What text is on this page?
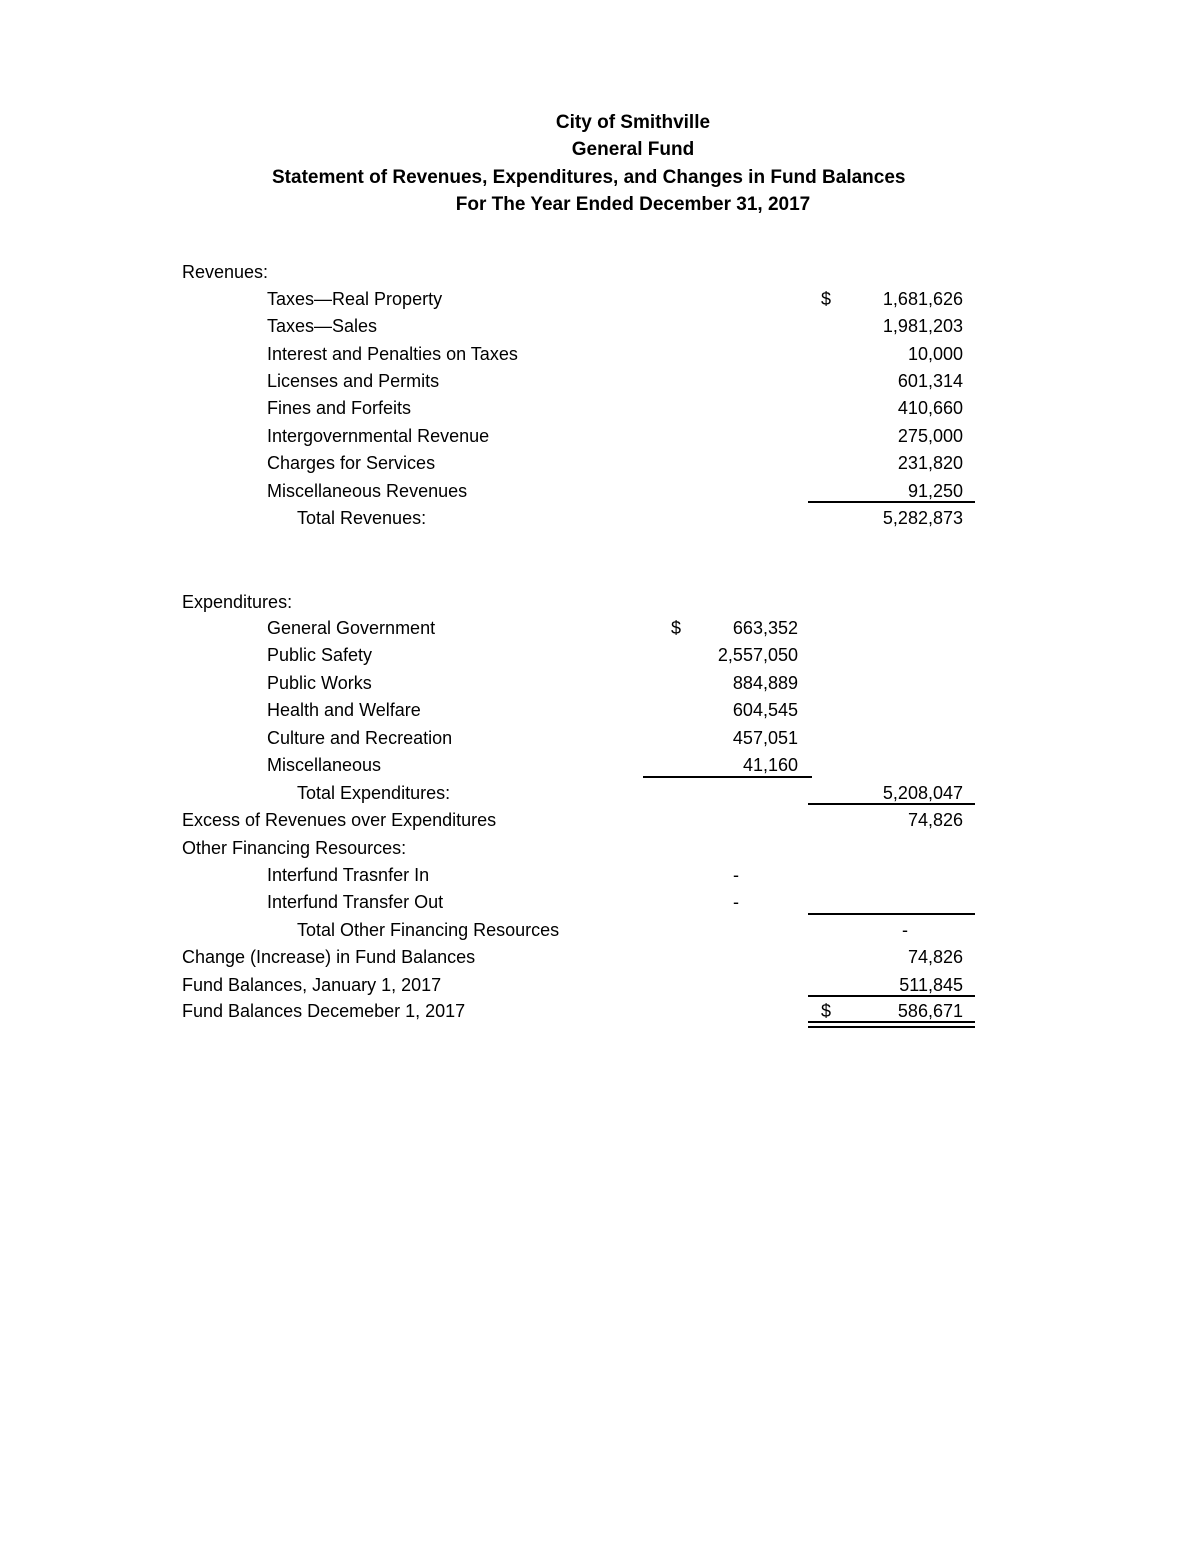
City of Smithville
General Fund
Statement of Revenues, Expenditures, and Changes in Fund Balances
For The Year Ended December 31, 2017
Revenues:
Taxes—Real Property	$	1,681,626
Taxes—Sales	1,981,203
Interest and Penalties on Taxes	10,000
Licenses and Permits	601,314
Fines and Forfeits	410,660
Intergovernmental Revenue	275,000
Charges for Services	231,820
Miscellaneous Revenues	91,250
Total Revenues:	5,282,873
Expenditures:
General Government	$	663,352
Public Safety	2,557,050
Public Works	884,889
Health and Welfare	604,545
Culture and Recreation	457,051
Miscellaneous	41,160
Total Expenditures:	5,208,047
Excess of Revenues over Expenditures	74,826
Other Financing Resources:
Interfund Trasnfer In	-
Interfund Transfer Out	-
Total Other Financing Resources	-
Change (Increase) in Fund Balances	74,826
Fund Balances, January 1, 2017	511,845
Fund Balances Decemeber 1, 2017	$	586,671
